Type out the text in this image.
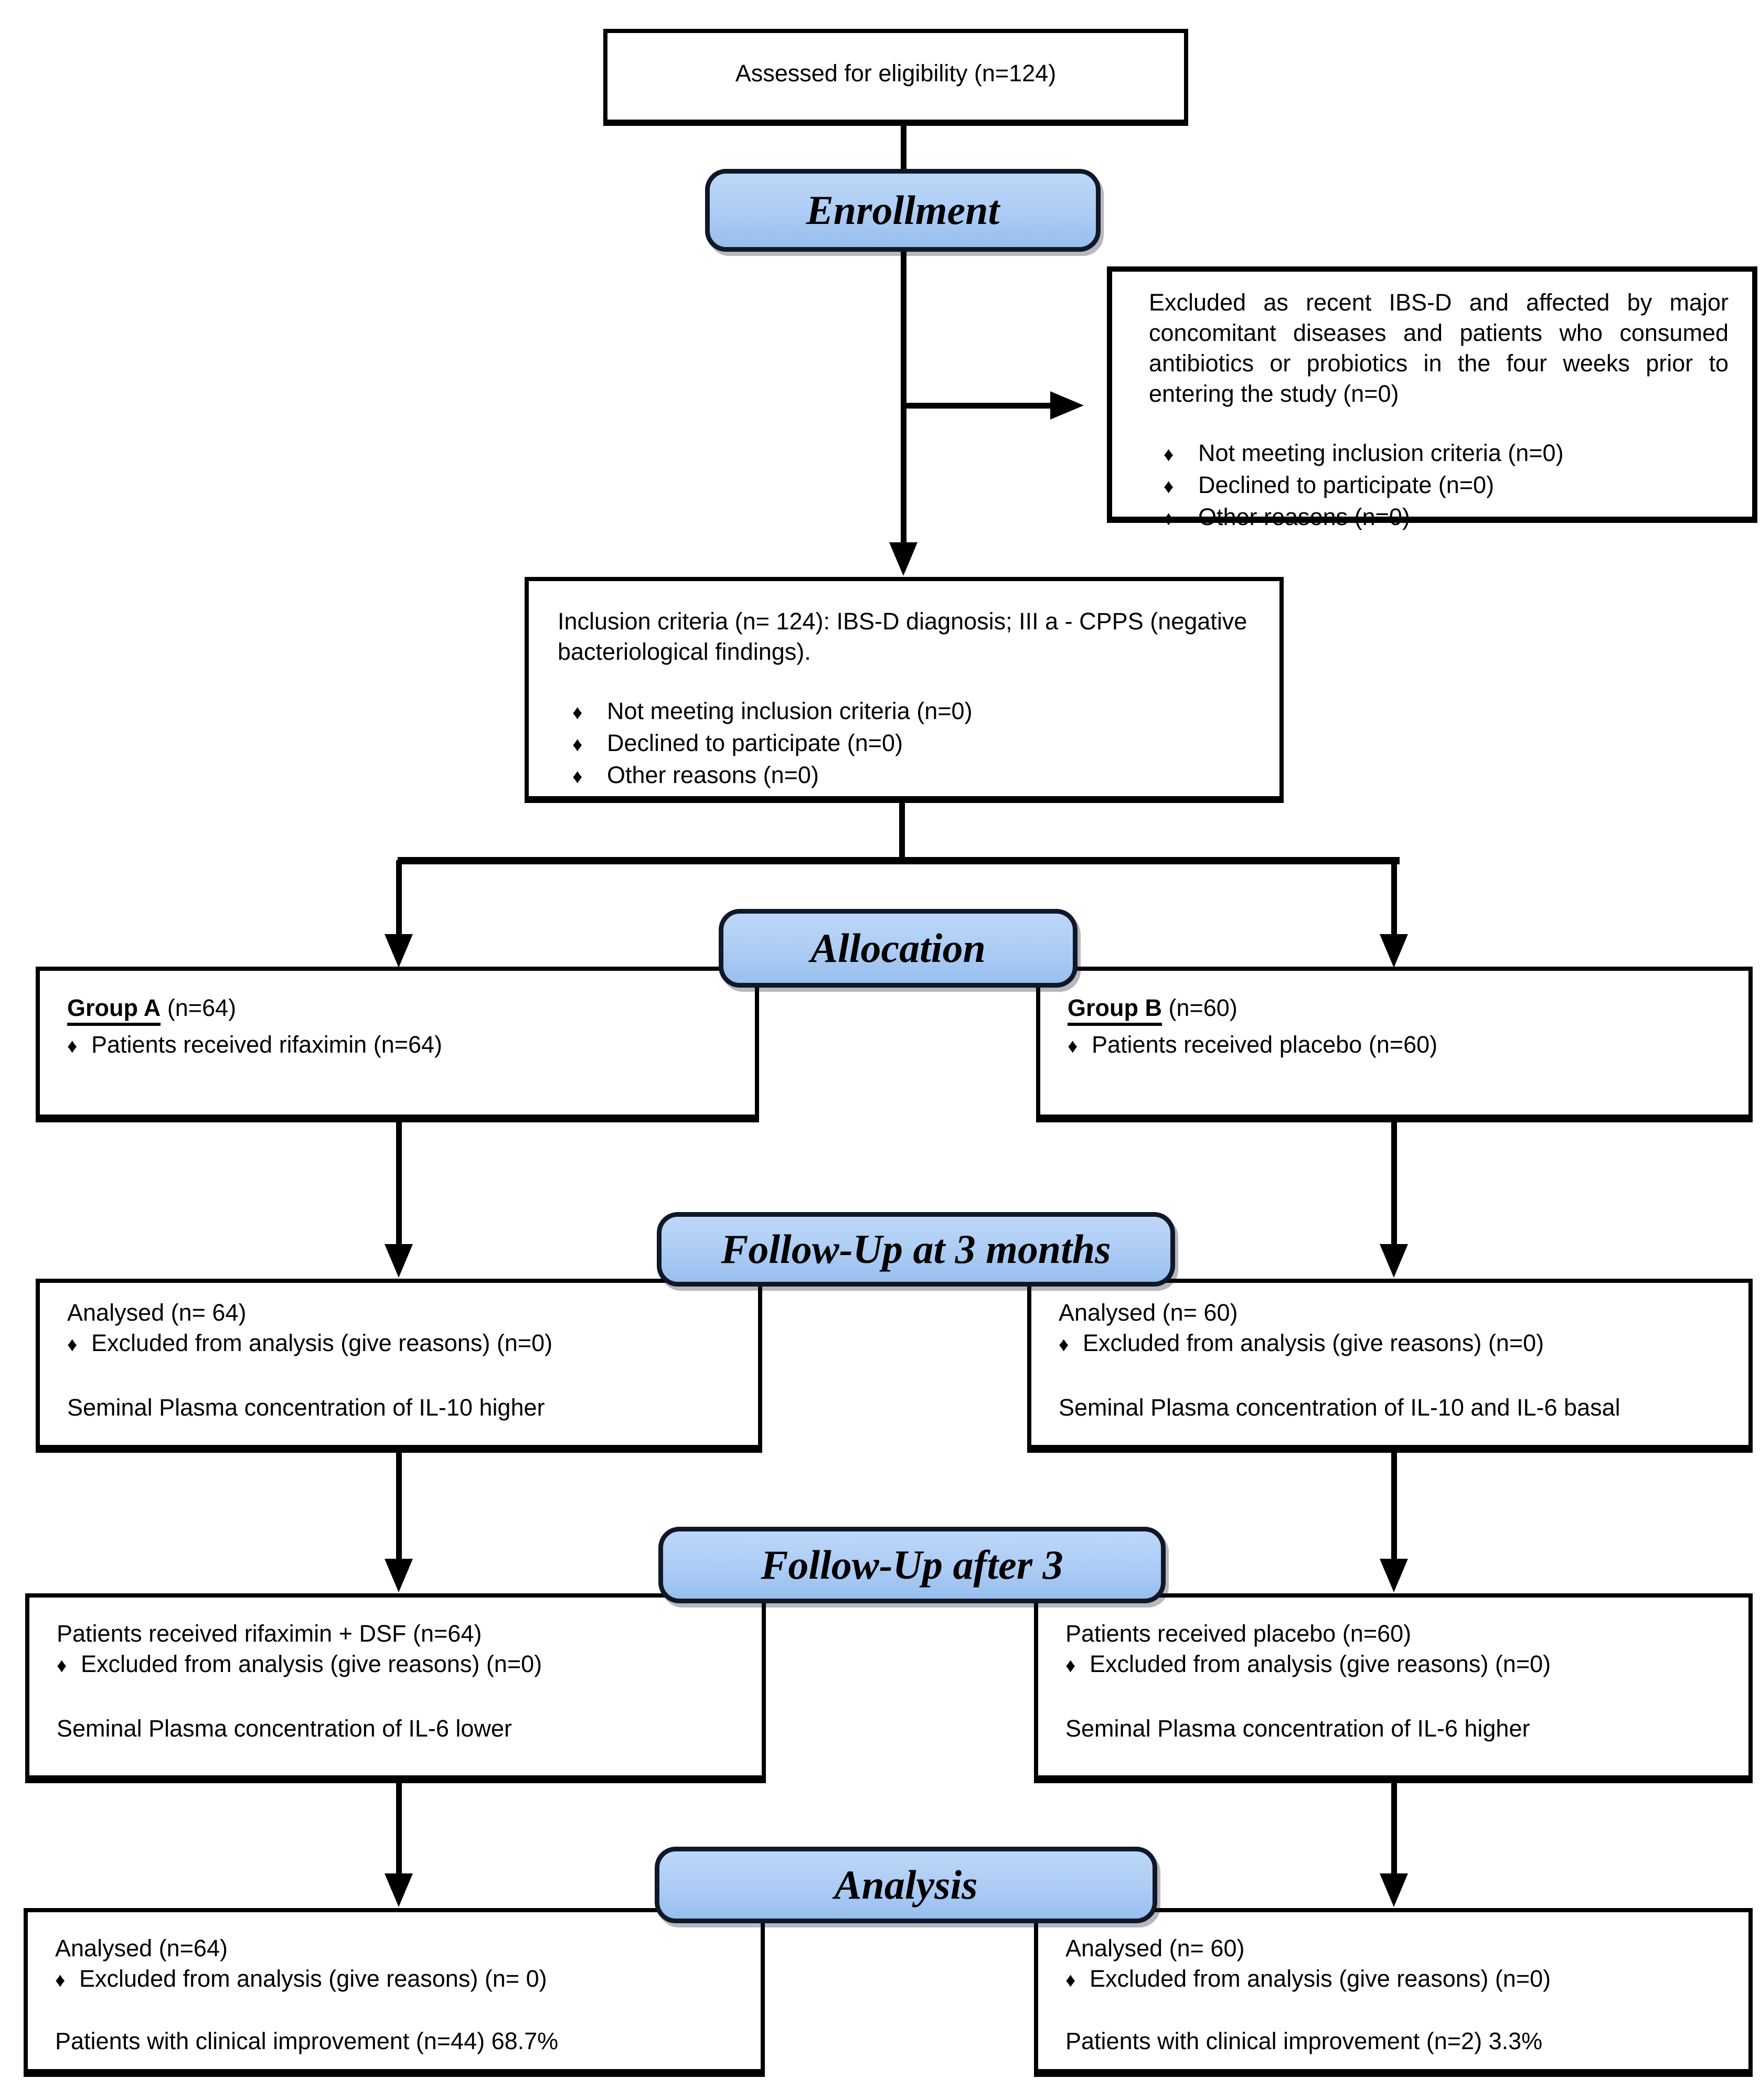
Assessed for eligibility (n=124)

Excluded as recent IBS-D and affected by major concomitant diseases and patients who consumed antibiotics or probiotics in the four weeks prior to entering the study (n=0)

♦	Not meeting inclusion criteria (n=0)
♦	Declined to participate (n=0)
♦	Other reasons (n=0)

Inclusion criteria (n= 124): IBS-D diagnosis; III a - CPPS (negative bacteriological findings).

♦	Not meeting inclusion criteria (n=0)
♦	Declined to participate (n=0)
♦	Other reasons (n=0)
Group A (n=64)
♦ Patients received rifaximin (n=64)
Group B (n=60)
♦ Patients received placebo (n=60)
Analysed (n= 64)
♦ Excluded from analysis (give reasons) (n=0)
Seminal Plasma concentration of IL-10 higher
Analysed (n= 60)
♦ Excluded from analysis (give reasons) (n=0)
Seminal Plasma concentration of IL-10 and IL-6 basal
Patients received rifaximin + DSF (n=64)
♦ Excluded from analysis (give reasons) (n=0)
Seminal Plasma concentration of IL-6 lower
Patients received placebo (n=60)
♦ Excluded from analysis (give reasons) (n=0)
Seminal Plasma concentration of IL-6 higher
Analysed (n=64)
♦ Excluded from analysis (give reasons) (n= 0)
Patients with clinical improvement (n=44) 68.7%
Analysed (n= 60)
♦ Excluded from analysis (give reasons) (n=0)
Patients with clinical improvement (n=2) 3.3%
Enrollment
Allocation
Follow-Up at 3 months
Follow-Up after 3
Analysis
